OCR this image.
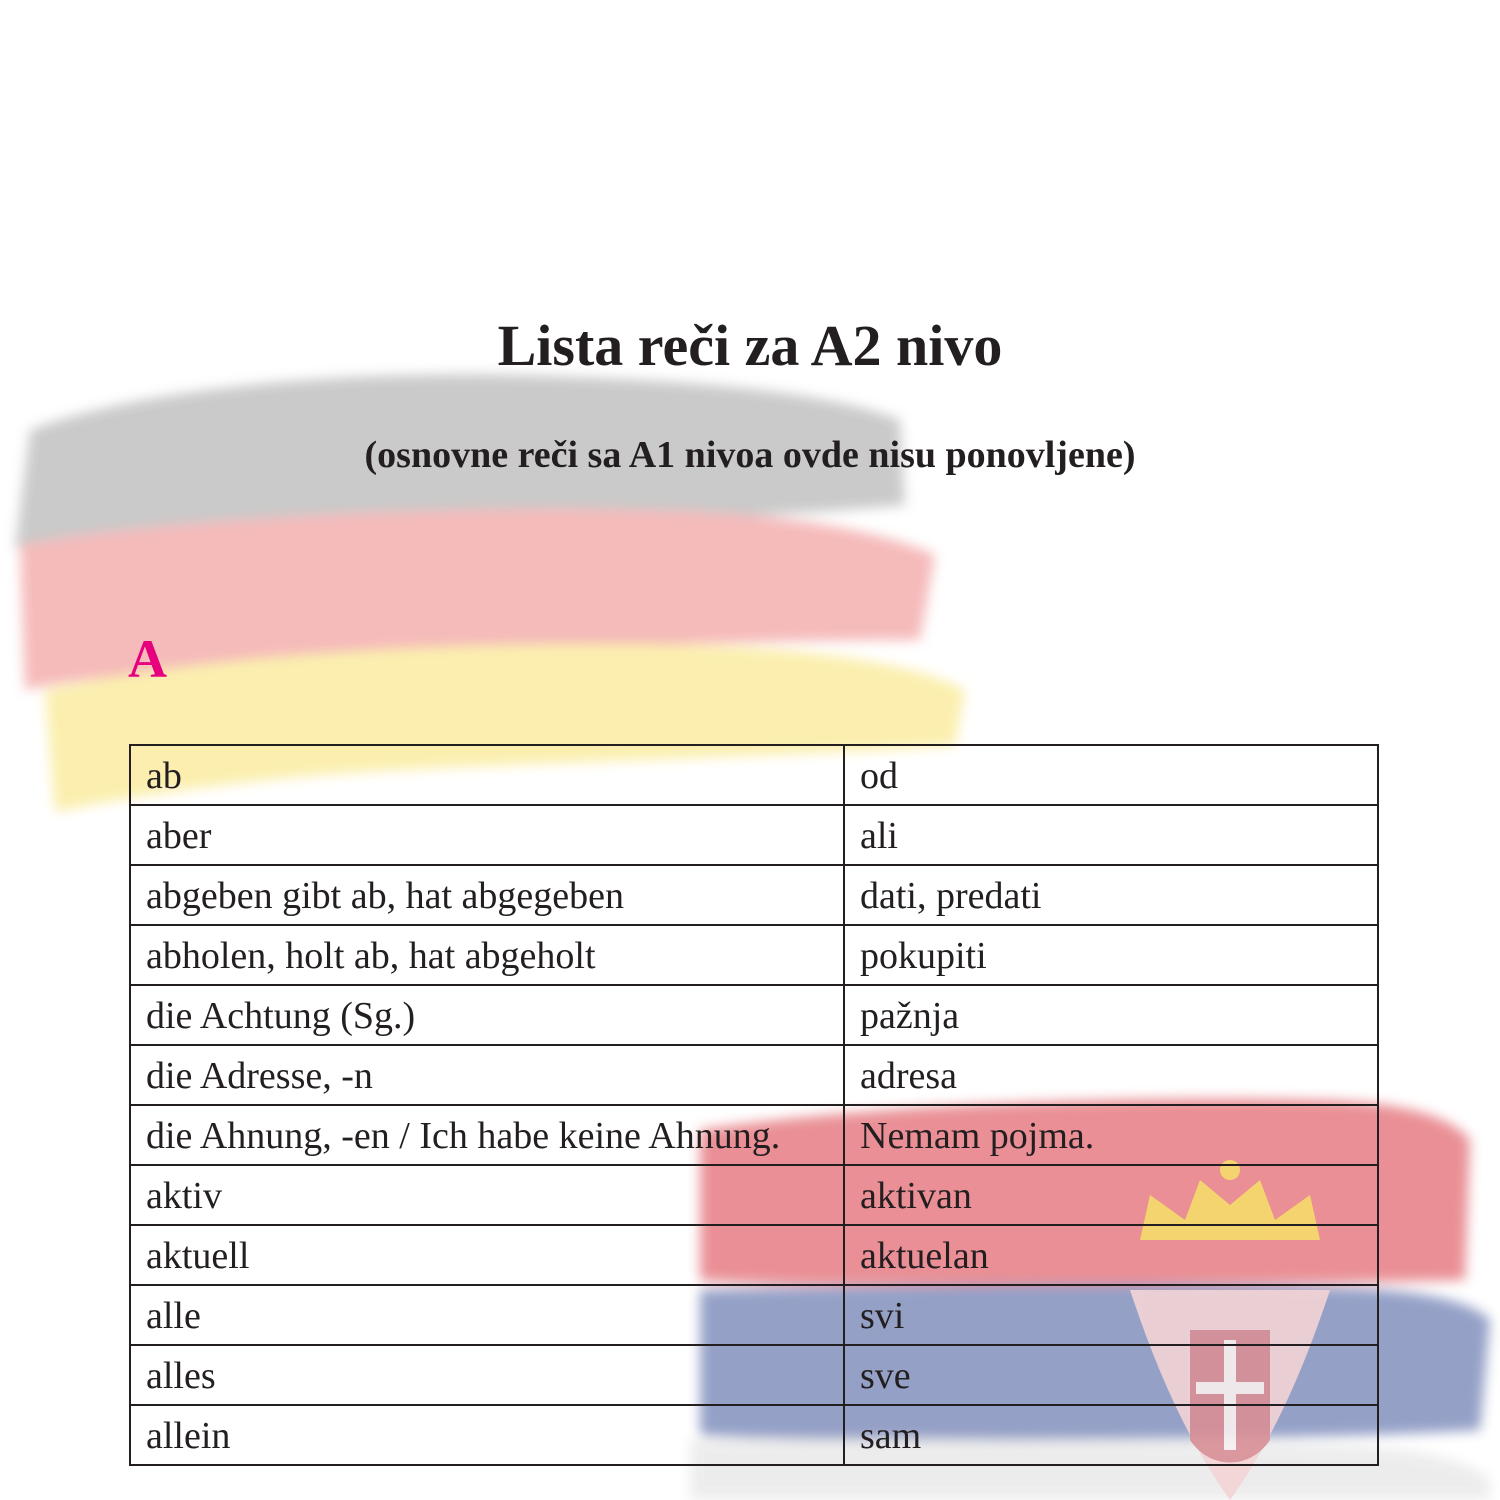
Lista reči za A2 nivo
(osnovne reči sa A1 nivoa ovde nisu ponovljene)
A
ab	od
aber	ali
abgeben gibt ab, hat abgegeben	dati, predati
abholen, holt ab, hat abgeholt	pokupiti
die Achtung (Sg.)	pažnja
die Adresse, -n	adresa
die Ahnung, -en / Ich habe keine Ahnung.	Nemam pojma.
aktiv	aktivan
aktuell	aktuelan
alle	svi
alles	sve
allein	sam
